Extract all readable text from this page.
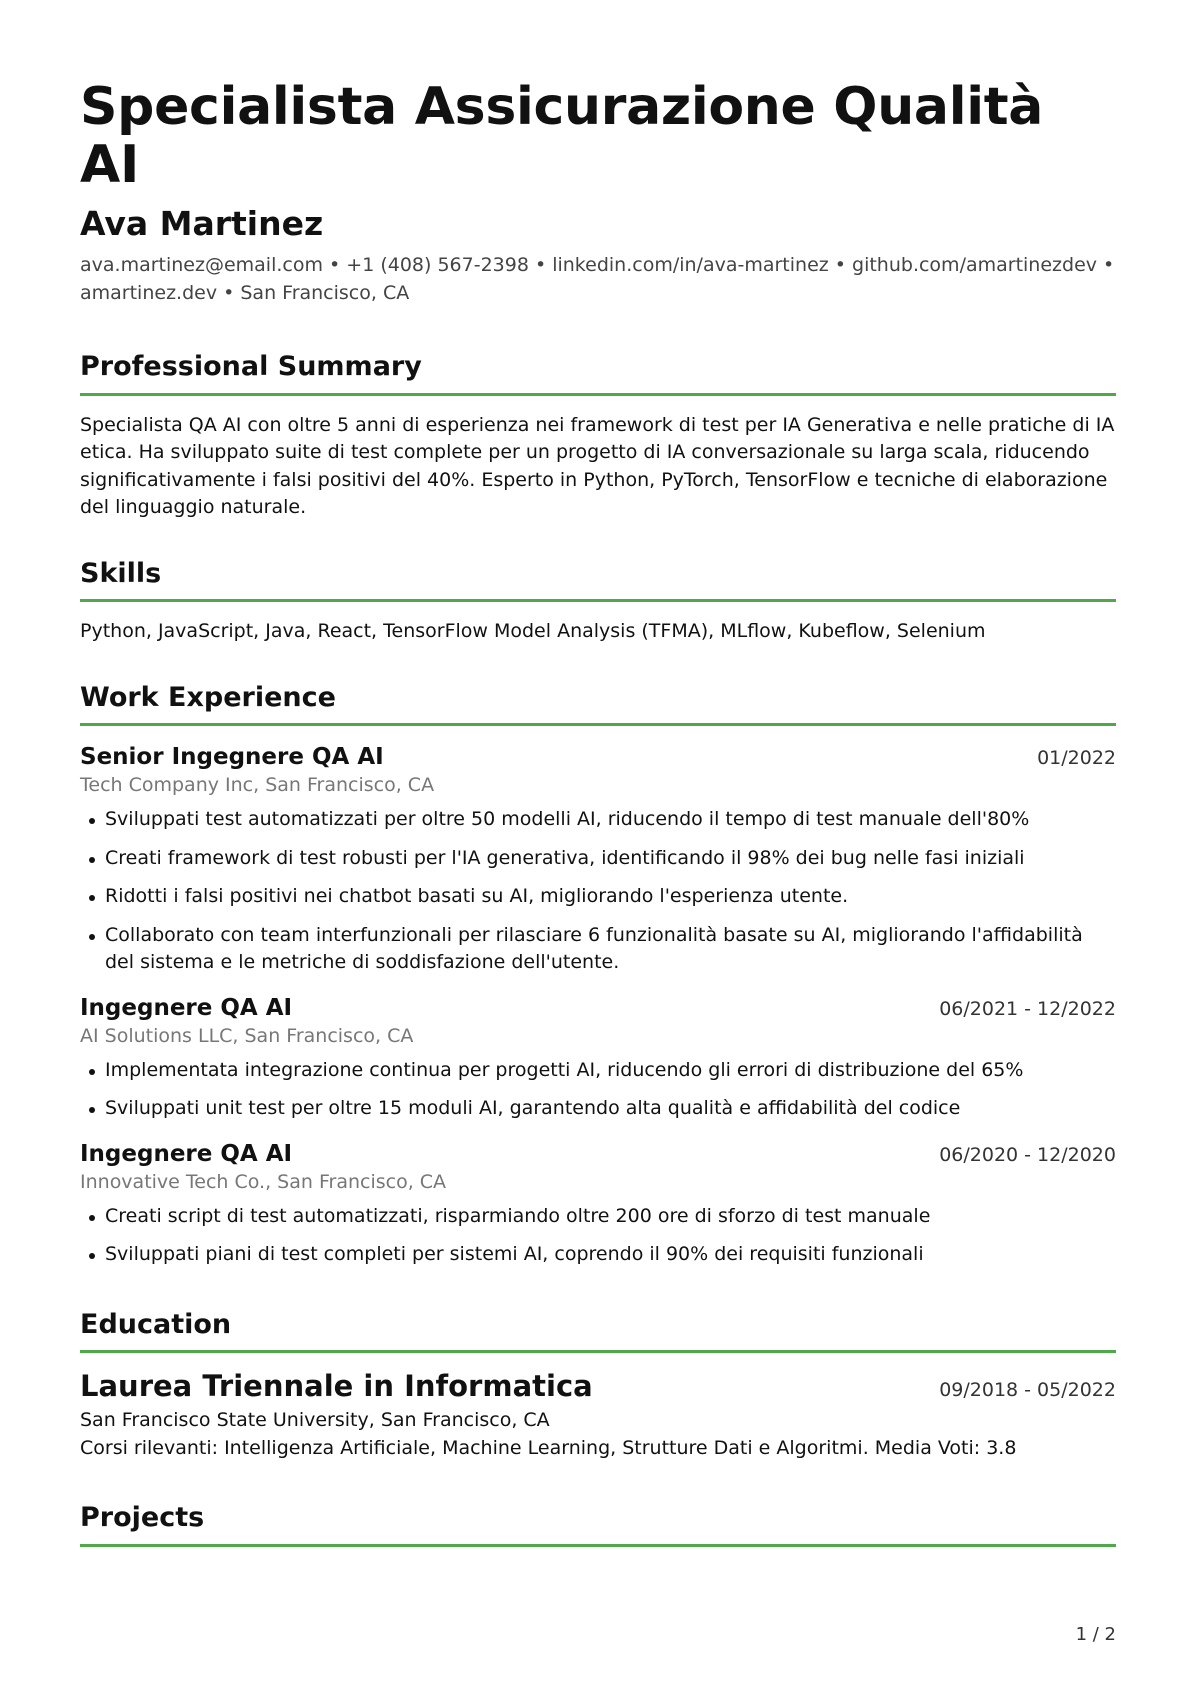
Specialista Assicurazione Qualità AI
Ava Martinez
ava.martinez@email.com • +1 (408) 567-2398 • linkedin.com/in/ava-martinez • github.com/amartinezdev •
amartinez.dev • San Francisco, CA
Professional Summary

Specialista QA AI con oltre 5 anni di esperienza nei framework di test per IA Generativa e nelle pratiche di IA etica. Ha sviluppato suite di test complete per un progetto di IA conversazionale su larga scala, riducendo significativamente i falsi positivi del 40%. Esperto in Python, PyTorch, TensorFlow e tecniche di elaborazione del linguaggio naturale.

Skills

Python, JavaScript, Java, React, TensorFlow Model Analysis (TFMA), MLflow, Kubeflow, Selenium

Work Experience
Senior Ingegnere QA AI	01/2022
Tech Company Inc, San Francisco, CA
Sviluppati test automatizzati per oltre 50 modelli AI, riducendo il tempo di test manuale dell'80%
Creati framework di test robusti per l'IA generativa, identificando il 98% dei bug nelle fasi iniziali
Ridotti i falsi positivi nei chatbot basati su AI, migliorando l'esperienza utente.
Collaborato con team interfunzionali per rilasciare 6 funzionalità basate su AI, migliorando l'affidabilità del sistema e le metriche di soddisfazione dell'utente.
Ingegnere QA AI	06/2021 - 12/2022
AI Solutions LLC, San Francisco, CA
Implementata integrazione continua per progetti AI, riducendo gli errori di distribuzione del 65%
Sviluppati unit test per oltre 15 moduli AI, garantendo alta qualità e affidabilità del codice
Ingegnere QA AI	06/2020 - 12/2020
Innovative Tech Co., San Francisco, CA
Creati script di test automatizzati, risparmiando oltre 200 ore di sforzo di test manuale
Sviluppati piani di test completi per sistemi AI, coprendo il 90% dei requisiti funzionali
Education
Laurea Triennale in Informatica	09/2018 - 05/2022

San Francisco State University, San Francisco, CA

Corsi rilevanti: Intelligenza Artificiale, Machine Learning, Strutture Dati e Algoritmi. Media Voti: 3.8

Projects
1 / 2
